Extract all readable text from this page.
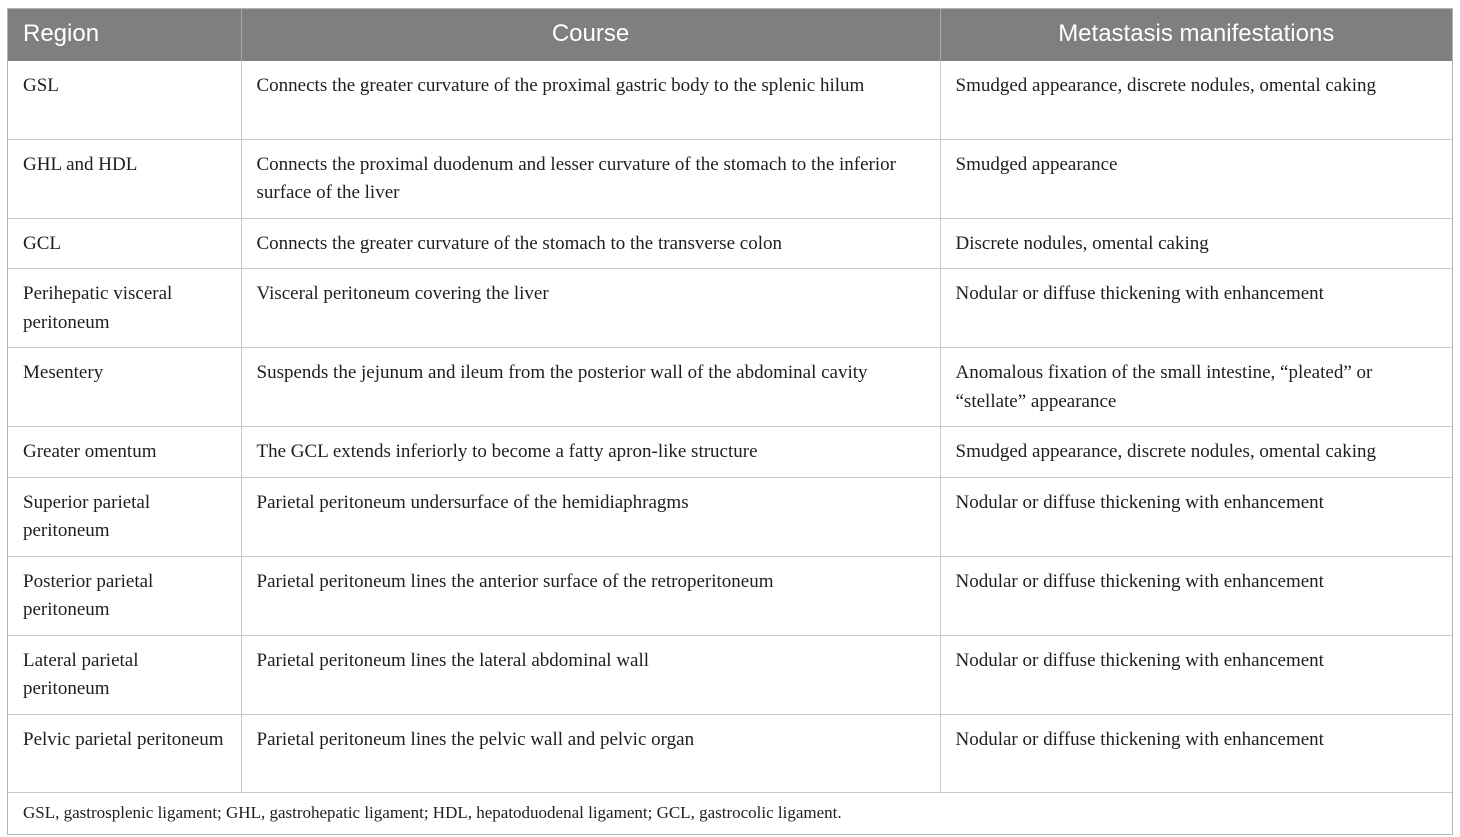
Region	Course	Metastasis manifestations
GSL	Connects the greater curvature of the proximal gastric body to the splenic hilum	Smudged appearance, discrete nodules, omental caking
GHL and HDL	Connects the proximal duodenum and lesser curvature of the stomach to the inferior surface of the liver	Smudged appearance
GCL	Connects the greater curvature of the stomach to the transverse colon	Discrete nodules, omental caking
Perihepatic visceral peritoneum	Visceral peritoneum covering the liver	Nodular or diffuse thickening with enhancement
Mesentery	Suspends the jejunum and ileum from the posterior wall of the abdominal cavity	Anomalous fixation of the small intestine, “pleated” or “stellate” appearance
Greater omentum	The GCL extends inferiorly to become a fatty apron-like structure	Smudged appearance, discrete nodules, omental caking
Superior parietal peritoneum	Parietal peritoneum undersurface of the hemidiaphragms	Nodular or diffuse thickening with enhancement
Posterior parietal peritoneum	Parietal peritoneum lines the anterior surface of the retroperitoneum	Nodular or diffuse thickening with enhancement
Lateral parietal peritoneum	Parietal peritoneum lines the lateral abdominal wall	Nodular or diffuse thickening with enhancement
Pelvic parietal peritoneum	Parietal peritoneum lines the pelvic wall and pelvic organ	Nodular or diffuse thickening with enhancement
GSL, gastrosplenic ligament; GHL, gastrohepatic ligament; HDL, hepatoduodenal ligament; GCL, gastrocolic ligament.		
